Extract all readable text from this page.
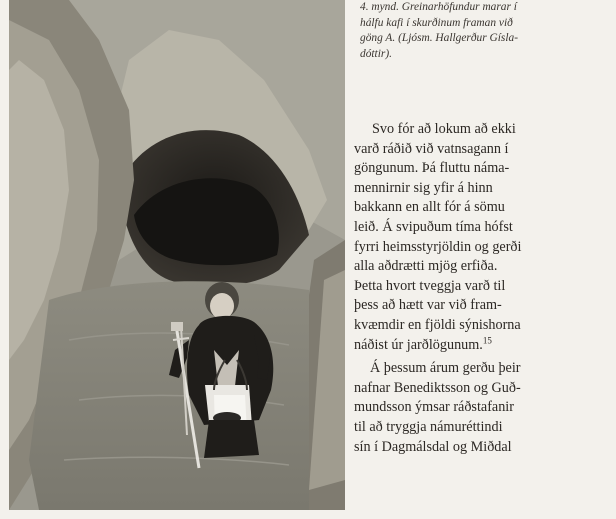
4. mynd. Greinarhöfundur marar í
hálfu kafi í skurðinum framan við
göng A. (Ljósm. Hallgerður Gísla-
dóttir).

Svo fór að lokum að ekki
varð ráðið við vatnsagann í
göngunum. Þá fluttu náma-
mennirnir sig yfir á hinn
bakkann en allt fór á sömu
leið. Á svipuðum tíma hófst
fyrri heimsstyrjöldin og gerði
alla aðdrætti mjög erfiða.
Þetta hvort tveggja varð til
þess að hætt var við fram-
kvæmdir en fjöldi sýnishorna
náðist úr jarðlögunum.$^{15}$

Á þessum árum gerðu þeir
nafnar Benediktsson og Guð-
mundsson ýmsar ráðstafanir
til að tryggja námuréttindi
sín í Dagmálsdal og Miðdal
